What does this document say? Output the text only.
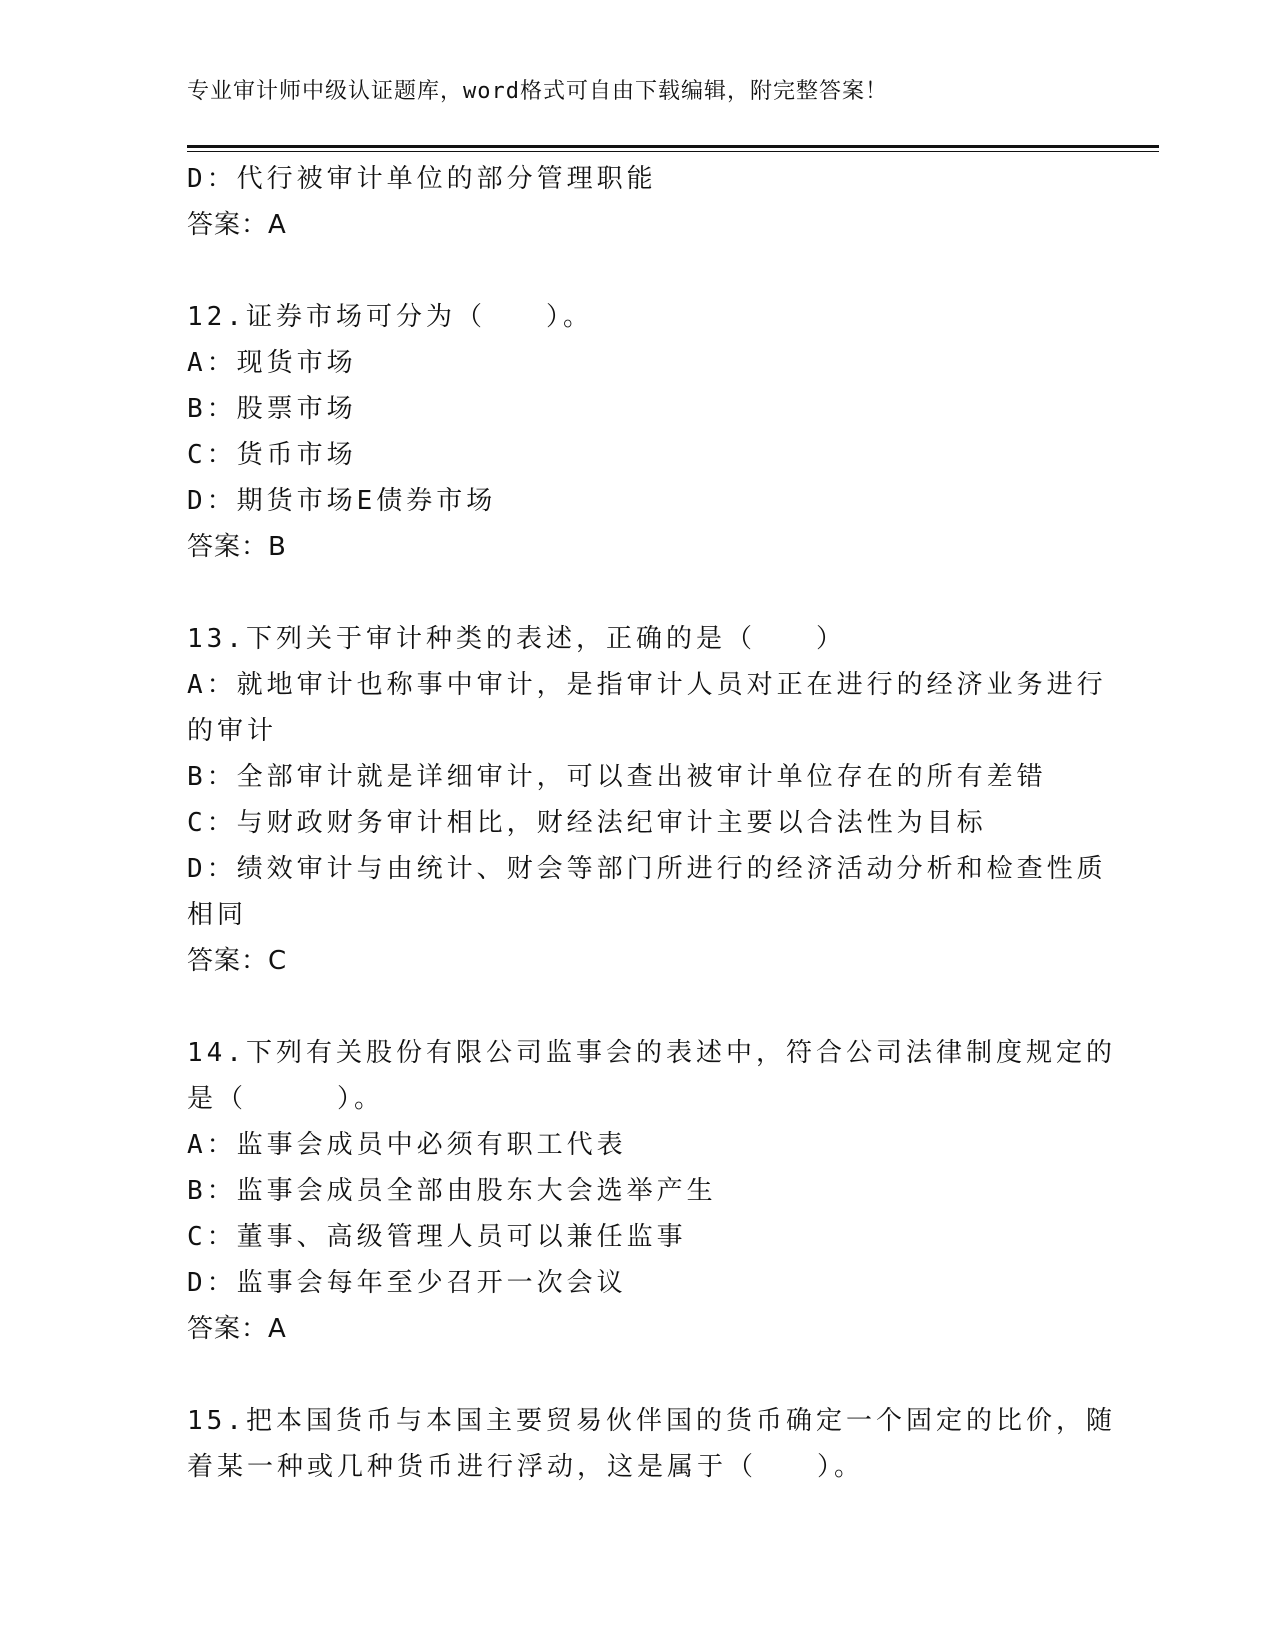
专业审计师中级认证题库，word格式可自由下载编辑，附完整答案！
D：代行被审计单位的部分管理职能
答案：A
12.证券市场可分为（　　）。
A：现货市场
B：股票市场
C：货币市场
D：期货市场E债券市场
答案：B
13.下列关于审计种类的表述，正确的是（　　）
A：就地审计也称事中审计，是指审计人员对正在进行的经济业务进行
的审计
B：全部审计就是详细审计，可以查出被审计单位存在的所有差错
C：与财政财务审计相比，财经法纪审计主要以合法性为目标
D：绩效审计与由统计、财会等部门所进行的经济活动分析和检查性质
相同
答案：C
14.下列有关股份有限公司监事会的表述中，符合公司法律制度规定的
是（　　　）。
A：监事会成员中必须有职工代表
B：监事会成员全部由股东大会选举产生
C：董事、高级管理人员可以兼任监事
D：监事会每年至少召开一次会议
答案：A
15.把本国货币与本国主要贸易伙伴国的货币确定一个固定的比价，随
着某一种或几种货币进行浮动，这是属于（　　）。
